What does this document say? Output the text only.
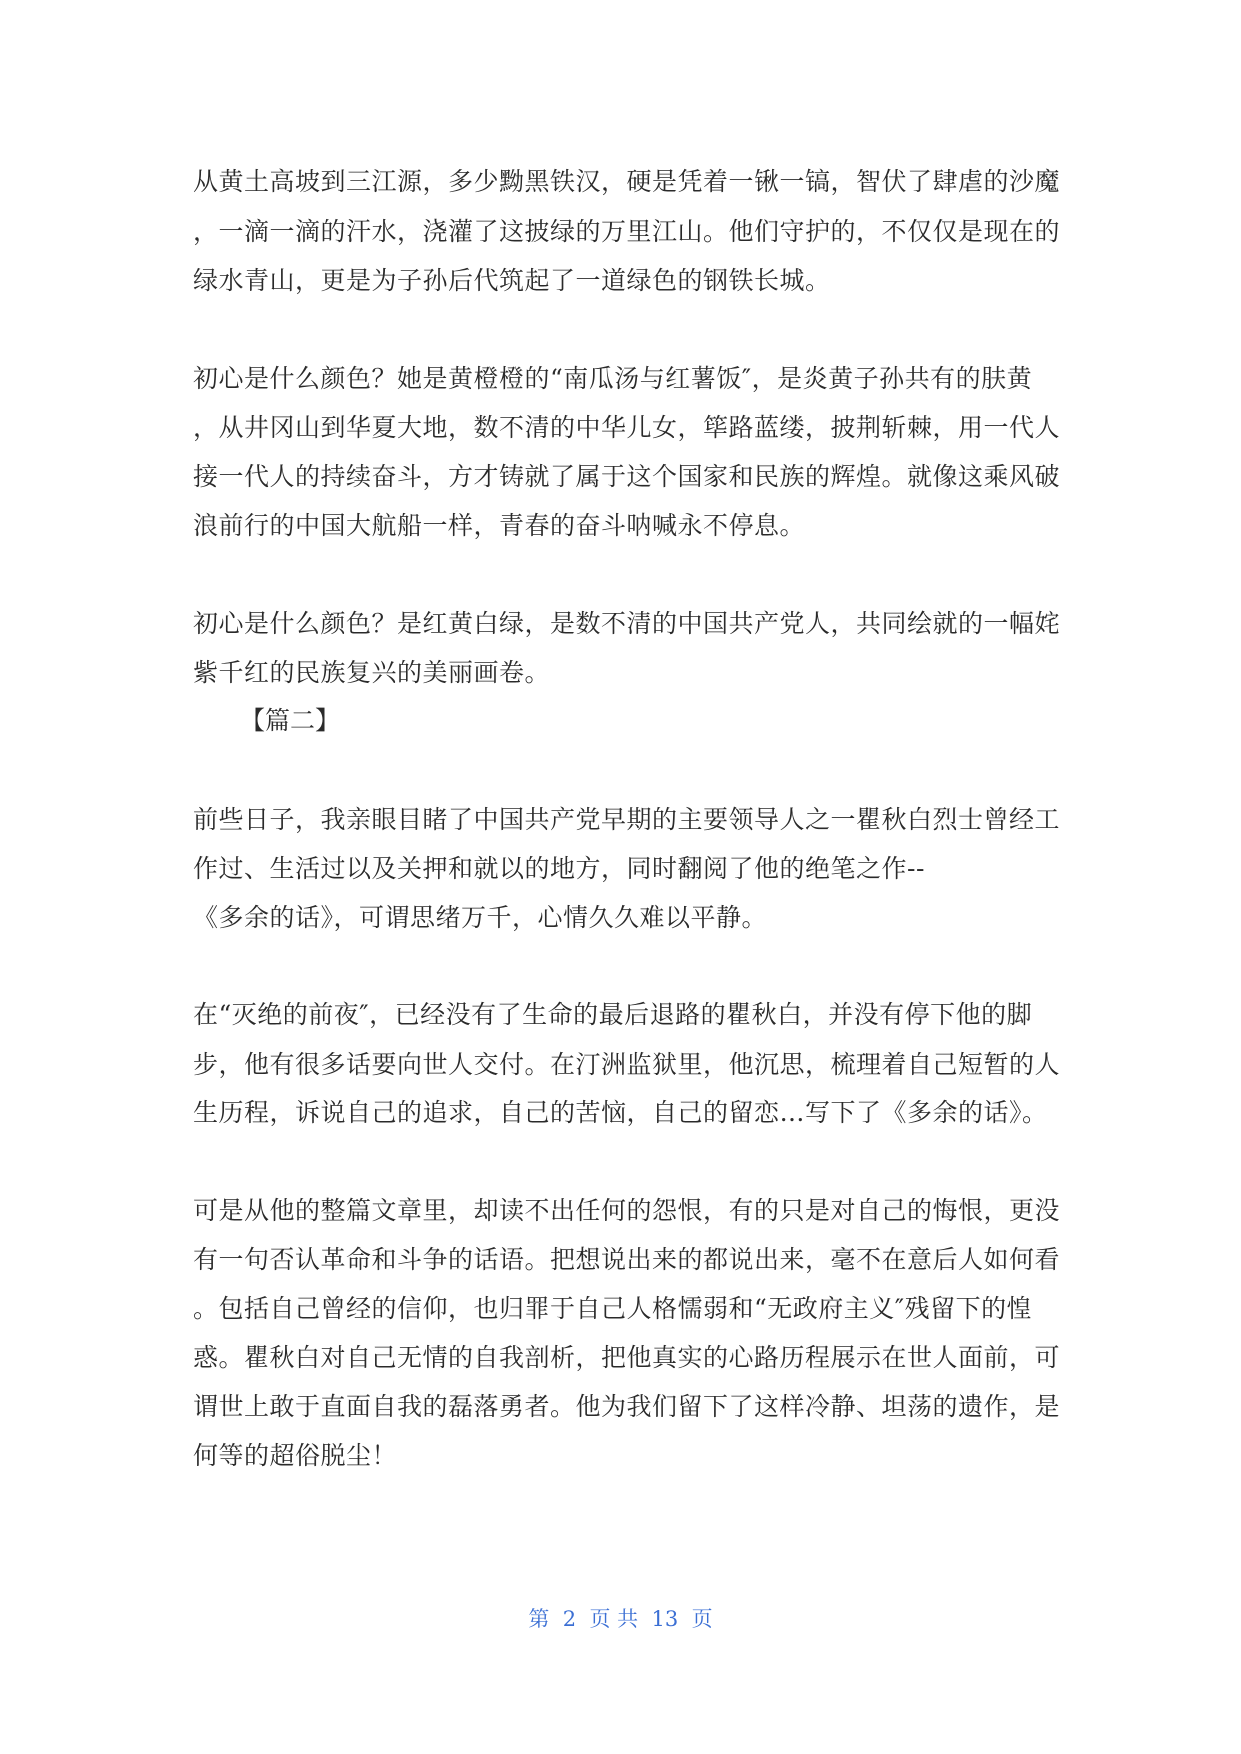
从黄土高坡到三江源，多少黝黑铁汉，硬是凭着一锹一镐，智伏了肆虐的沙魔
，一滴一滴的汗水，浇灌了这披绿的万里江山。他们守护的，不仅仅是现在的
绿水青山，更是为子孙后代筑起了一道绿色的钢铁长城。
初心是什么颜色？她是黄橙橙的“南瓜汤与红薯饭″，是炎黄子孙共有的肤黄
，从井冈山到华夏大地，数不清的中华儿女，筚路蓝缕，披荆斩棘，用一代人
接一代人的持续奋斗，方才铸就了属于这个国家和民族的辉煌。就像这乘风破
浪前行的中国大航船一样，青春的奋斗呐喊永不停息。
初心是什么颜色？是红黄白绿，是数不清的中国共产党人，共同绘就的一幅姹
紫千红的民族复兴的美丽画卷。
【篇二】
前些日子，我亲眼目睹了中国共产党早期的主要领导人之一瞿秋白烈士曾经工
作过、生活过以及关押和就以的地方，同时翻阅了他的绝笔之作--
《多余的话》，可谓思绪万千，心情久久难以平静。
在“灭绝的前夜″，已经没有了生命的最后退路的瞿秋白，并没有停下他的脚
步，他有很多话要向世人交付。在汀洲监狱里，他沉思，梳理着自己短暂的人
生历程，诉说自己的追求，自己的苦恼，自己的留恋…写下了《多余的话》。
可是从他的整篇文章里，却读不出任何的怨恨，有的只是对自己的悔恨，更没
有一句否认革命和斗争的话语。把想说出来的都说出来，毫不在意后人如何看
。包括自己曾经的信仰，也归罪于自己人格懦弱和“无政府主义″残留下的惶
惑。瞿秋白对自己无情的自我剖析，把他真实的心路历程展示在世人面前，可
谓世上敢于直面自我的磊落勇者。他为我们留下了这样冷静、坦荡的遗作，是
何等的超俗脱尘！
第  2  页 共  13  页
